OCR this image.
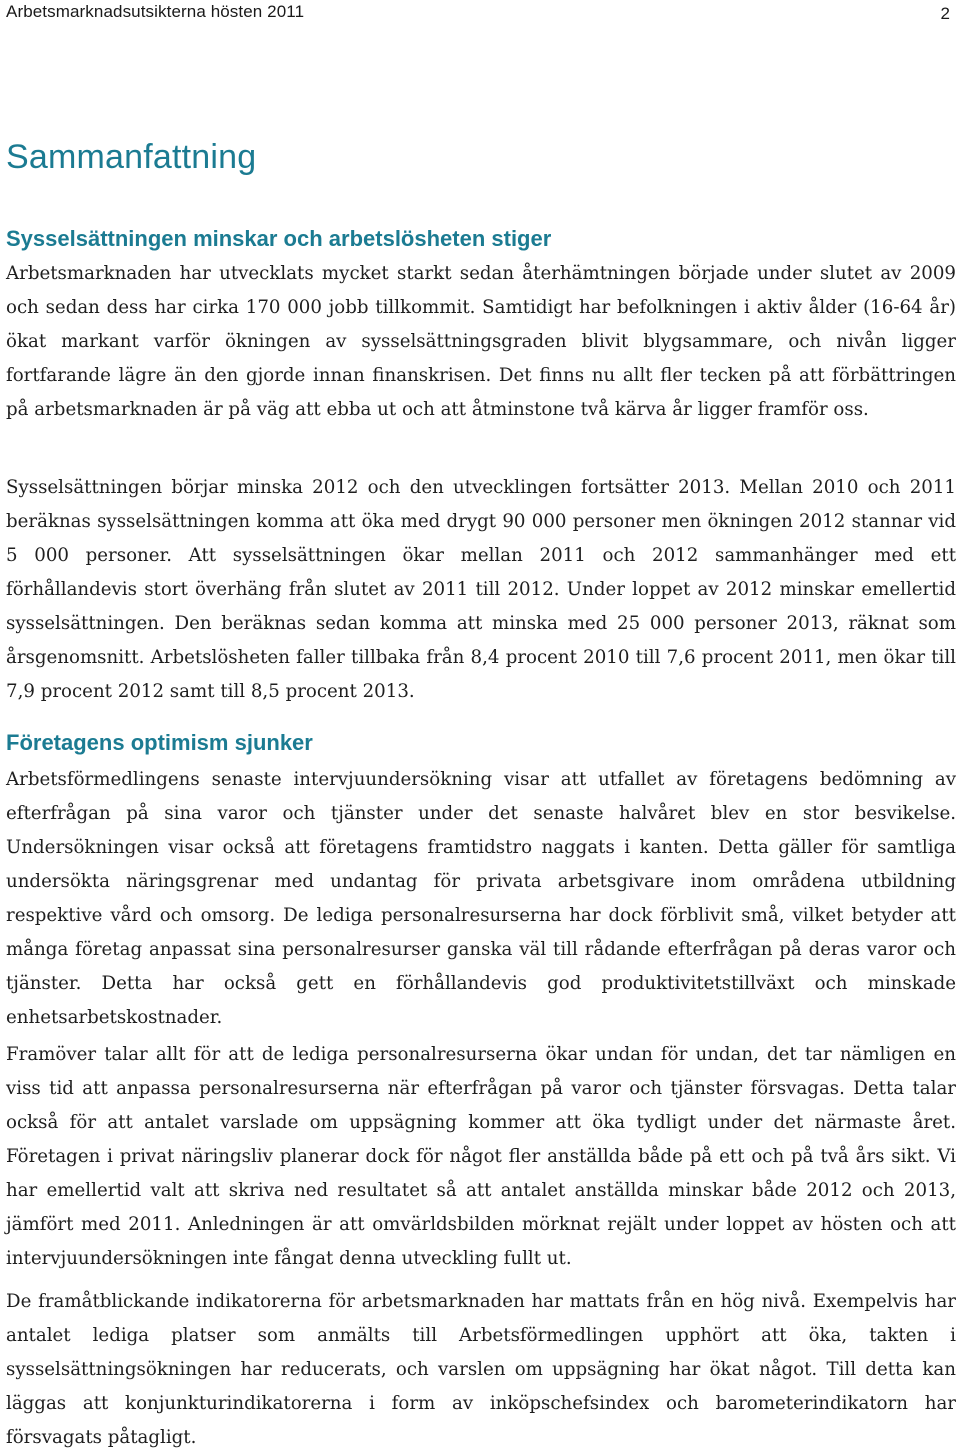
Arbetsmarknadsutsikterna hösten 2011	2
Sammanfattning
Sysselsättningen minskar och arbetslösheten stiger

Arbetsmarknaden har utvecklats mycket starkt sedan återhämtningen började under slutet av 2009 och sedan dess har cirka 170 000 jobb tillkommit. Samtidigt har befolkningen i aktiv ålder (16-64 år) ökat markant varför ökningen av sysselsättningsgraden blivit blygsammare, och nivån ligger fortfarande lägre än den gjorde innan finanskrisen. Det finns nu allt fler tecken på att förbättringen på arbetsmarknaden är på väg att ebba ut och att åtminstone två kärva år ligger framför oss.

Sysselsättningen börjar minska 2012 och den utvecklingen fortsätter 2013. Mellan 2010 och 2011 beräknas sysselsättningen komma att öka med drygt 90 000 personer men ökningen 2012 stannar vid 5 000 personer. Att sysselsättningen ökar mellan 2011 och 2012 sammanhänger med ett förhållandevis stort överhäng från slutet av 2011 till 2012. Under loppet av 2012 minskar emellertid sysselsättningen. Den beräknas sedan komma att minska med 25 000 personer 2013, räknat som årsgenomsnitt. Arbetslösheten faller tillbaka från 8,4 procent 2010 till 7,6 procent 2011, men ökar till 7,9 procent 2012 samt till 8,5 procent 2013.

Företagens optimism sjunker

Arbetsförmedlingens senaste intervjuundersökning visar att utfallet av företagens bedömning av efterfrågan på sina varor och tjänster under det senaste halvåret blev en stor besvikelse. Undersökningen visar också att företagens framtidstro naggats i kanten. Detta gäller för samtliga undersökta näringsgrenar med undantag för privata arbetsgivare inom områdena utbildning respektive vård och omsorg. De lediga personalresurserna har dock förblivit små, vilket betyder att många företag anpassat sina personalresurser ganska väl till rådande efterfrågan på deras varor och tjänster. Detta har också gett en förhållandevis god produktivitetstillväxt och minskade enhetsarbetskostnader.

Framöver talar allt för att de lediga personalresurserna ökar undan för undan, det tar nämligen en viss tid att anpassa personalresurserna när efterfrågan på varor och tjänster försvagas. Detta talar också för att antalet varslade om uppsägning kommer att öka tydligt under det närmaste året. Företagen i privat näringsliv planerar dock för något fler anställda både på ett och på två års sikt. Vi har emellertid valt att skriva ned resultatet så att antalet anställda minskar både 2012 och 2013, jämfört med 2011. Anledningen är att omvärldsbilden mörknat rejält under loppet av hösten och att intervjuundersökningen inte fångat denna utveckling fullt ut.

De framåtblickande indikatorerna för arbetsmarknaden har mattats från en hög nivå. Exempelvis har antalet lediga platser som anmälts till Arbetsförmedlingen upphört att öka, takten i sysselsättningsökningen har reducerats, och varslen om uppsägning har ökat något. Till detta kan läggas att konjunkturindikatorerna i form av inköpschefsindex och barometerindikatorn har försvagats påtagligt.
